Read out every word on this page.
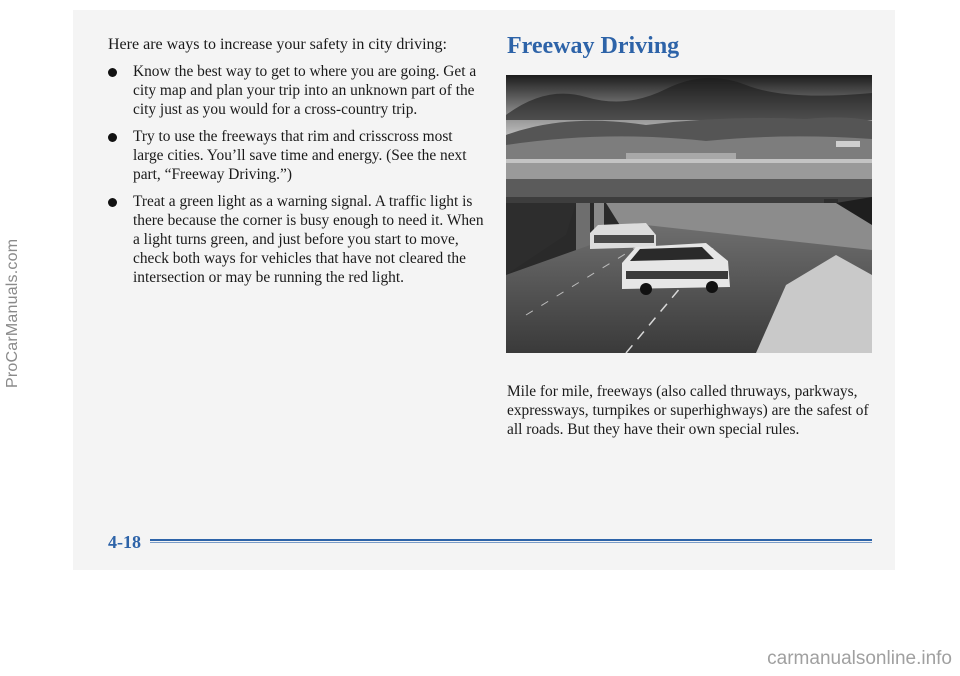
ProCarManuals.com
Here are ways to increase your safety in city driving:
Know the best way to get to where you are going. Get a city map and plan your trip into an unknown part of the city just as you would for a cross-country trip.
Try to use the freeways that rim and crisscross most large cities. You’ll save time and energy. (See the next part, “Freeway Driving.”)
Treat a green light as a warning signal. A traffic light is there because the corner is busy enough to need it. When a light turns green, and just before you start to move, check both ways for vehicles that have not cleared the intersection or may be running the red light.
Freeway Driving

Mile for mile, freeways (also called thruways, parkways, expressways, turnpikes or superhighways) are the safest of all roads. But they have their own special rules.

4-18
carmanualsonline.info
